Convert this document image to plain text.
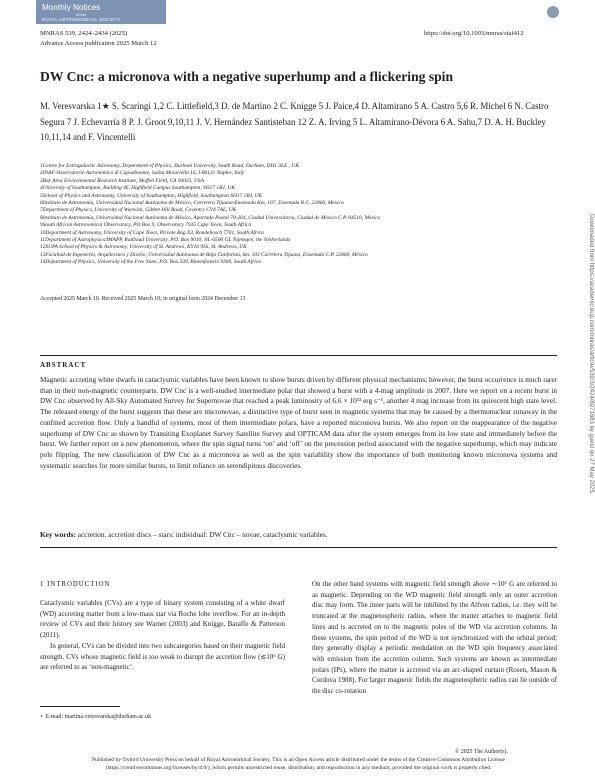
Monthly Notices
of the
ROYAL ASTRONOMICAL SOCIETY
MNRAS 539, 2424–2434 (2025)
Advance Access publication 2025 March 12
https://doi.org/10.1093/mnras/staf412
DW Cnc: a micronova with a negative superhump and a flickering spin
M. Veresvarska 1★ S. Scaringi 1,2 C. Littlefield,3 D. de Martino 2 C. Knigge 5 J. Paice,4 D. Altamirano 5 A. Castro 5,6 R. Michel 6 N. Castro Segura 7 J. Echevarría 8 P. J. Groot 9,10,11 J. V. Hernández Santisteban 12 Z. A. Irving 5 L. Altamirano-Dévora 6 A. Sahu,7 D. A. H. Buckley 10,11,14 and F. Vincentelli
1Centre for Extragalactic Astronomy, Department of Physics, Durham University, South Road, Durham, DH1 3LE , UK
2INAF-Osservatorio Astronomico di Capodimonte, Salita Moiariello 16, I-80131 Naples, Italy
3Bay Area Environmental Research Institute, Moffett Field, CA 94035, USA
4University of Southampton, Building 46, Highfield Campus Southampton, SO17 1BJ, UK
5School of Physics and Astronomy, University of Southampton, Highfield, Southampton SO17 1BJ, UK
6Instituto de Astronomía, Universidad Nacional Autónoma de México, Carretera Tijuana-Ensenada Km. 107, Ensenada B.C. 22860, México
7Department of Physics, University of Warwick, Gibbet Hill Road, Coventry CV4 7AL, UK
8Instituto de Astronomía, Universidad Nacional Autónoma de México, Apartado Postal 70-264, Ciudad Universitaria, Ciudad de México C.P. 04510, México
9South African Astronomical Observatory, PO Box 9, Observatory 7935 Cape Town, South Africa
10Department of Astronomy, University of Cape Town, Private Bag X3, Rondebosch 7701, South Africa
11Department of Astrophysics/IMAPP, Radboud University, P.O. Box 9010, NL-6500 GL Nijmegen, the Netherlands
12SUPA School of Physics & Astronomy, University of St. Andrews, KY16 9SS, St. Andrews, UK
13Facultad de Ingeniería, Arquitectura y Diseño, Universidad Autónoma de Baja California, km. 103 Carretera Tijuana, Ensenada C.P. 22860, México
14Department of Physics, University of the Free State, P.O. Box 339, Bloemfontein 9300, South Africa
Accepted 2025 March 10. Received 2025 March 10; in original form 2024 December 13
ABSTRACT
Magnetic accreting white dwarfs in cataclysmic variables have been known to show bursts driven by different physical mechanisms; however, the burst occurrence is much rarer than in their non-magnetic counterparts. DW Cnc is a well-studied intermediate polar that showed a burst with a 4-mag amplitude in 2007. Here we report on a recent burst in DW Cnc observed by All-Sky Automated Survey for Supernovae that reached a peak luminosity of 6.6 × 10³³ erg s⁻¹, another 4 mag increase from its quiescent high state level. The released energy of the burst suggests that these are micronovae, a distinctive type of burst seen in magnetic systems that may be caused by a thermonuclear runaway in the confined accretion flow. Only a handful of systems, most of them intermediate polars, have a reported micronova bursts. We also report on the reappearance of the negative superhump of DW Cnc as shown by Transiting Exoplanet Survey Satellite Survey and OPTICAM data after the system emerges from its low state and immediately before the burst. We further report on a new phenomenon, where the spin signal turns ‘on’ and ‘off’ on the precession period associated with the negative superhump, which may indicate pole flipping. The new classification of DW Cnc as a micronova as well as the spin variability show the importance of both monitoring known micronova systems and systematic searches for more similar bursts, to limit reliance on serendipitous discoveries.
Key words: accretion, accretion discs – stars: individual: DW Cnc – novae, cataclysmic variables.
1 INTRODUCTION

Cataclysmic variables (CVs) are a type of binary system consisting of a white dwarf (WD) accreting matter from a low-mass star via Roche lobe overflow. For an in-depth review of CVs and their history see Warner (2003) and Knigge, Baraffe & Patterson (2011).

In general, CVs can be divided into two subcategories based on their magnetic field strength. CVs whose magnetic field is too weak to disrupt the accretion flow (≲10⁶ G) are referred to as ‘non-magnetic’.

On the other hand systems with magnetic field strength above ∼10⁶ G are referred to as magnetic. Depending on the WD magnetic field strength only an outer accretion disc may form. The inner parts will be inhibited by the Alfven radius, i.e. they will be truncated at the magnetospheric radius, where the matter attaches to magnetic field lines and is accreted on to the magnetic poles of the WD via accretion columns. In these systems, the spin period of the WD is not synchronized with the orbital period; they generally display a periodic modulation on the WD spin frequency associated with emission from the accretion column. Such systems are known as intermediate polars (IPs), where the matter is accreted via an arc-shaped curtain (Rosen, Mason & Cordova 1988). For larger magnetic fields the magnetospheric radius can lie outside of the disc co-rotation

⋆ E-mail: martina.veresvarska@durham.ac.uk
© 2025 The Author(s).
Published by Oxford University Press on behalf of Royal Astronomical Society. This is an Open Access article distributed under the terms of the Creative Commons Attribution License (https://creativecommons.org/licenses/by/4.0/), which permits unrestricted reuse, distribution, and reproduction in any medium, provided the original work is properly cited.
Downloaded from https://academic.oup.com/mnras/article/539/3/2424/8071883 by guest on 27 May 2025
